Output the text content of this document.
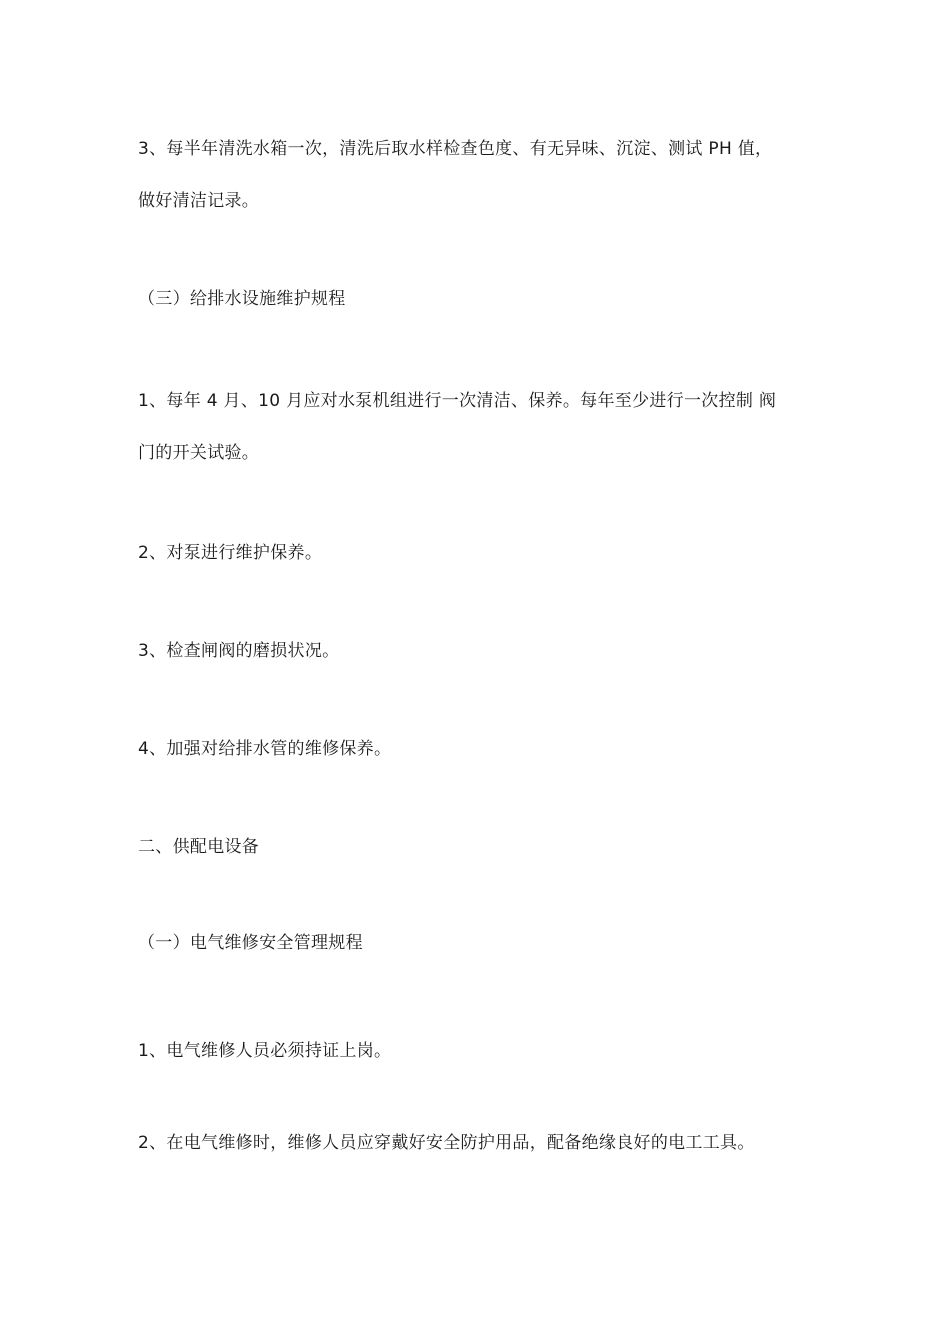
3、每半年清洗水箱一次，清洗后取水样检查色度、有无异味、沉淀、测试 PH 值，
做好清洁记录。
（三）给排水设施维护规程
1、每年 4 月、10 月应对水泵机组进行一次清洁、保养。每年至少进行一次控制 阀
门的开关试验。
2、对泵进行维护保养。
3、检查闸阀的磨损状况。
4、加强对给排水管的维修保养。
二、供配电设备
（一）电气维修安全管理规程
1、电气维修人员必须持证上岗。
2、在电气维修时，维修人员应穿戴好安全防护用品，配备绝缘良好的电工工具。
